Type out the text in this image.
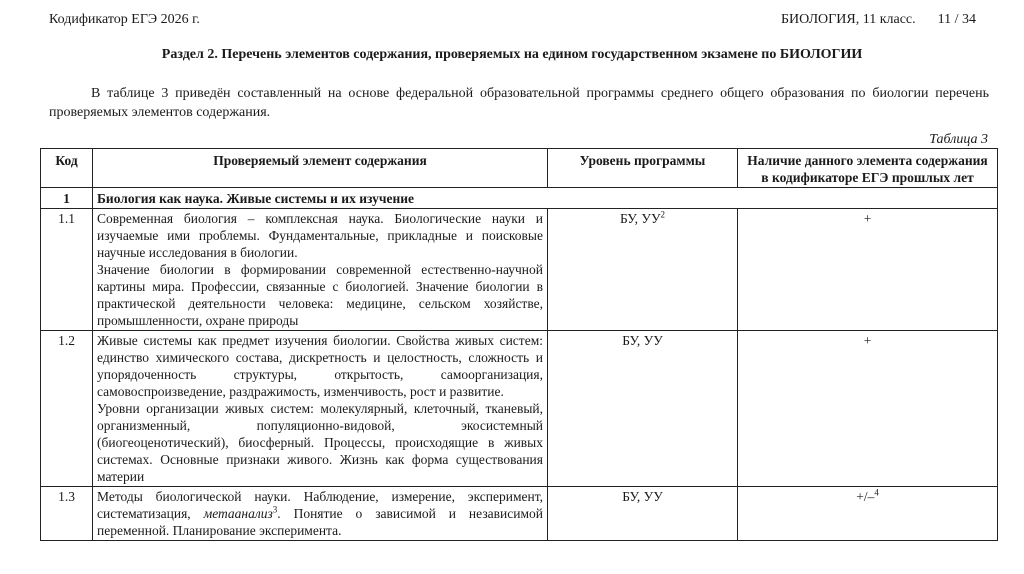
Кодификатор ЕГЭ 2026 г.	БИОЛОГИЯ, 11 класс. 11 / 34
Раздел 2. Перечень элементов содержания, проверяемых на едином государственном экзамене по БИОЛОГИИ
В таблице 3 приведён составленный на основе федеральной образовательной программы среднего общего образования по биологии перечень проверяемых элементов содержания.
Таблица 3
Код	Проверяемый элемент содержания	Уровень программы	Наличие данного элемента содержания в кодификаторе ЕГЭ прошлых лет
1	Биология как наука. Живые системы и их изучение		
1.1	Современная биология – комплексная наука. Биологические науки и изучаемые ими проблемы. Фундаментальные, прикладные и поисковые научные исследования в биологии.

Значение биологии в формировании современной естественно-научной картины мира. Профессии, связанные с биологией. Значение биологии в практической деятельности человека: медицине, сельском хозяйстве, промышленности, охране природы	БУ, $УУ^2$	+
1.2	Живые системы как предмет изучения биологии. Свойства живых систем: единство химического состава, дискретность и целостность, сложность и упорядоченность структуры, открытость, самоорганизация, самовоспроизведение, раздражимость, изменчивость, рост и развитие.

Уровни организации живых систем: молекулярный, клеточный, тканевый, организменный, популяционно-видовой, экосистемный (биогеоценотический), биосферный. Процессы, происходящие в живых системах. Основные признаки живого. Жизнь как форма существования материи	БУ, УУ	+
1.3	Методы биологической науки. Наблюдение, измерение, эксперимент, систематизация, метаанализ$^3$. Понятие о зависимой и независимой переменной. Планирование эксперимента.	БУ, УУ	+/–$^4$
